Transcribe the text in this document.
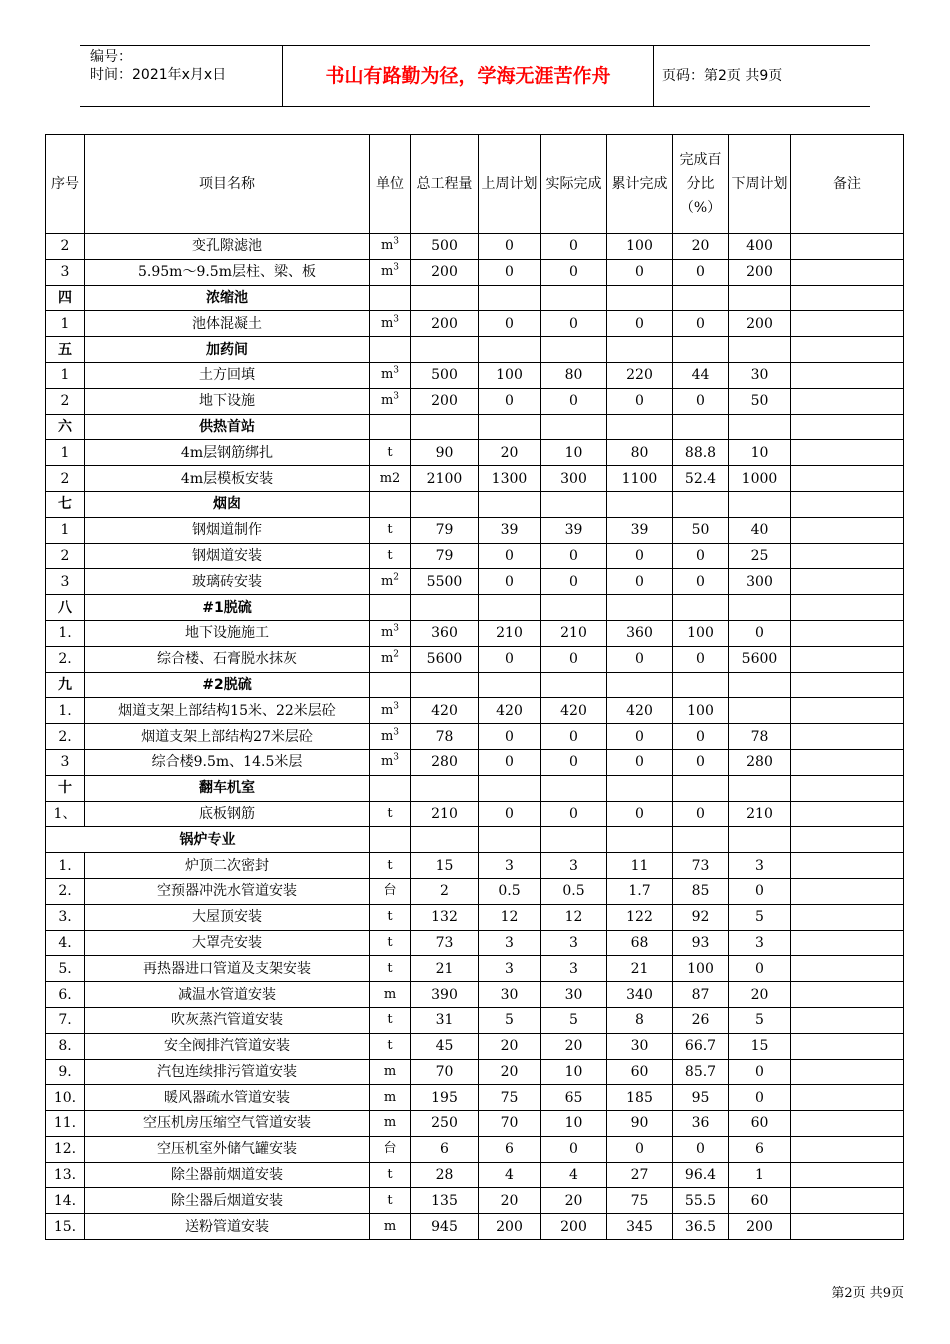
编号：
时间：2021年x月x日	书山有路勤为径，学海无涯苦作舟	页码：第2页 共9页
序号	项目名称	单位	总工程量	上周计划	实际完成	累计完成	完成百分比（%）	下周计划	备注
2	变孔隙滤池	$m^3$	500	0	0	100	20	400	
3	5.95m～9.5m层柱、梁、板	$m^3$	200	0	0	0	0	200	
四	浓缩池								
1	池体混凝土	$m^3$	200	0	0	0	0	200	
五	加药间								
1	土方回填	$m^3$	500	100	80	220	44	30	
2	地下设施	$m^3$	200	0	0	0	0	50	
六	供热首站								
1	4m层钢筋绑扎	t	90	20	10	80	88.8	10	
2	4m层模板安装	m2	2100	1300	300	1100	52.4	1000	
七	烟囱								
1	钢烟道制作	t	79	39	39	39	50	40	
2	钢烟道安装	t	79	0	0	0	0	25	
3	玻璃砖安装	$m^2$	5500	0	0	0	0	300	
八	#1脱硫								
1.	地下设施施工	$m^3$	360	210	210	360	100	0	
2.	综合楼、石膏脱水抹灰	$m^2$	5600	0	0	0	0	5600	
九	#2脱硫								
1.	烟道支架上部结构15米、22米层砼	$m^3$	420	420	420	420	100		
2.	烟道支架上部结构27米层砼	$m^3$	78	0	0	0	0	78	
3	综合楼9.5m、14.5米层	$m^3$	280	0	0	0	0	280	
十	翻车机室								
1、	底板钢筋	t	210	0	0	0	0	210	
锅炉专业									
1.	炉顶二次密封	t	15	3	3	11	73	3	
2.	空预器冲洗水管道安装	台	2	0.5	0.5	1.7	85	0	
3.	大屋顶安装	t	132	12	12	122	92	5	
4.	大罩壳安装	t	73	3	3	68	93	3	
5.	再热器进口管道及支架安装	t	21	3	3	21	100	0	
6.	减温水管道安装	m	390	30	30	340	87	20	
7.	吹灰蒸汽管道安装	t	31	5	5	8	26	5	
8.	安全阀排汽管道安装	t	45	20	20	30	66.7	15	
9.	汽包连续排污管道安装	m	70	20	10	60	85.7	0	
10.	暖风器疏水管道安装	m	195	75	65	185	95	0	
11.	空压机房压缩空气管道安装	m	250	70	10	90	36	60	
12.	空压机室外储气罐安装	台	6	6	0	0	0	6	
13.	除尘器前烟道安装	t	28	4	4	27	96.4	1	
14.	除尘器后烟道安装	t	135	20	20	75	55.5	60	
15.	送粉管道安装	m	945	200	200	345	36.5	200	
第2页 共9页
